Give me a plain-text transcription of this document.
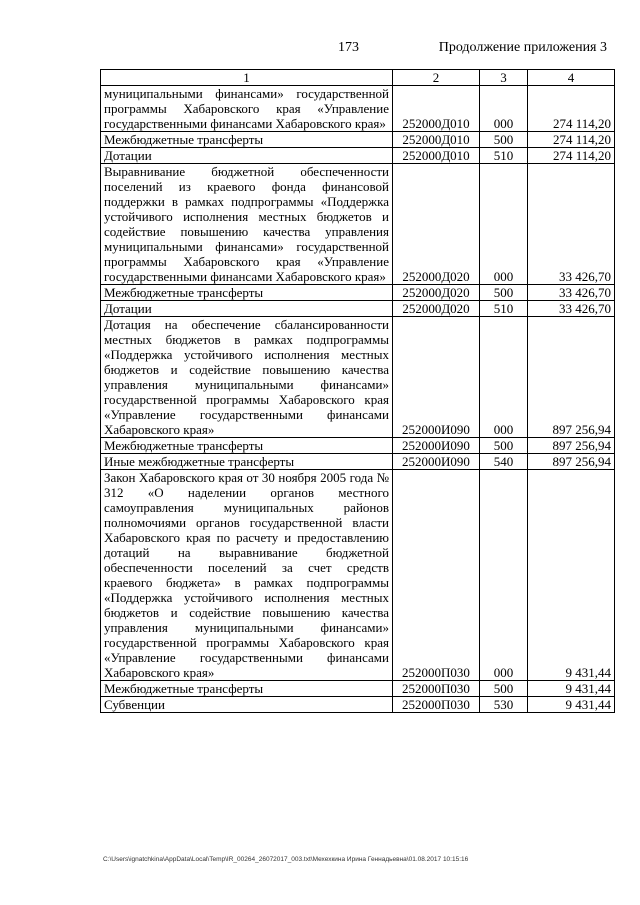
173	Продолжение приложения 3
1	2	3	4
муниципальными финансами» государственной программы Хабаровского края «Управление государственными финансами Хабаровского края»	252000Д010	000	274 114,20
Межбюджетные трансферты	252000Д010	500	274 114,20
Дотации	252000Д010	510	274 114,20
Выравнивание бюджетной обеспеченности поселений из краевого фонда финансовой поддержки в рамках подпрограммы «Поддержка устойчивого исполнения местных бюджетов и содействие повышению качества управления муниципальными финансами» государственной программы Хабаровского края «Управление государственными финансами Хабаровского края»	252000Д020	000	33 426,70
Межбюджетные трансферты	252000Д020	500	33 426,70
Дотации	252000Д020	510	33 426,70
Дотация на обеспечение сбалансированности местных бюджетов в рамках подпрограммы «Поддержка устойчивого исполнения местных бюджетов и содействие повышению качества управления муниципальными финансами» государственной программы Хабаровского края «Управление государственными финансами Хабаровского края»	252000И090	000	897 256,94
Межбюджетные трансферты	252000И090	500	897 256,94
Иные межбюджетные трансферты	252000И090	540	897 256,94
Закон Хабаровского края от 30 ноября 2005 года № 312 «О наделении органов местного самоуправления муниципальных районов полномочиями органов государственной власти Хабаровского края по расчету и предоставлению дотаций на выравнивание бюджетной обеспеченности поселений за счет средств краевого бюджета» в рамках подпрограммы «Поддержка устойчивого исполнения местных бюджетов и содействие повышению качества управления муниципальными финансами» государственной программы Хабаровского края «Управление государственными финансами Хабаровского края»	252000П030	000	9 431,44
Межбюджетные трансферты	252000П030	500	9 431,44
Субвенции	252000П030	530	9 431,44
C:\Users\ignatchkina\AppData\Local\Temp\IR_00264_26072017_003.txt\Мехехкина Ирина Геннадьевна\01.08.2017 10:15:16
